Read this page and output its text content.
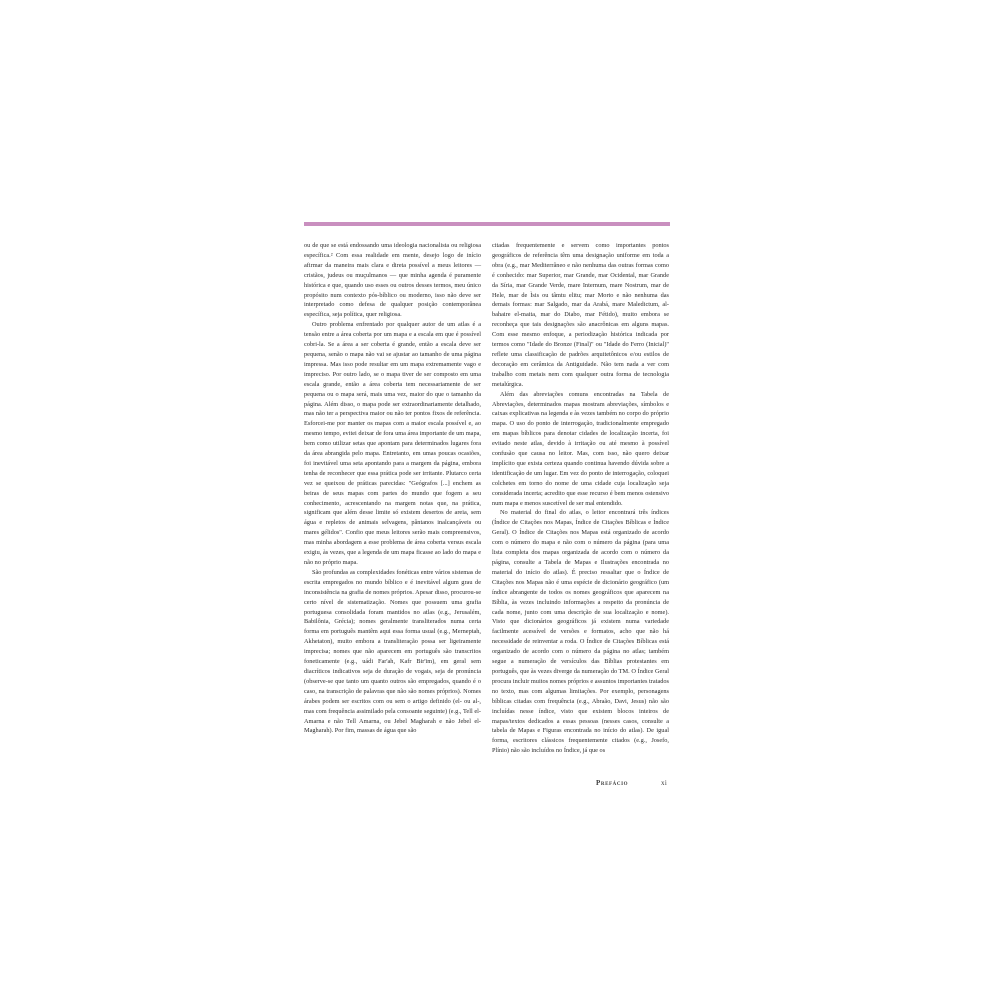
ou de que se está endossando uma ideologia nacionalista ou religiosa específica.² Com essa realidade em mente, desejo logo de início afirmar da maneira mais clara e direta possível a meus leitores — cristãos, judeus ou muçulmanos — que minha agenda é puramente histórica e que, quando uso esses ou outros desses termos, meu único propósito num contexto pós-bíblico ou moderno, isso não deve ser interpretado como defesa de qualquer posição contemporânea específica, seja política, quer religiosa.

Outro problema enfrentado por qualquer autor de um atlas é a tensão entre a área coberta por um mapa e a escala em que é possível cobri-la. Se a área a ser coberta é grande, então a escala deve ser pequena, senão o mapa não vai se ajustar ao tamanho de uma página impressa. Mas isso pode resultar em um mapa extremamente vago e impreciso. Por outro lado, se o mapa tiver de ser composto em uma escala grande, então a área coberta tem necessariamente de ser pequena ou o mapa será, mais uma vez, maior do que o tamanho da página. Além disso, o mapa pode ser extraordinariamente detalhado, mas não ter a perspectiva maior ou não ter pontos fixos de referência. Esforcei-me por manter os mapas com a maior escala possível e, ao mesmo tempo, evitei deixar de fora uma área importante de um mapa, bem como utilizar setas que apontam para determinados lugares fora da área abrangida pelo mapa. Entretanto, em umas poucas ocasiões, foi inevitável uma seta apontando para a margem da página, embora tenha de reconhecer que essa prática pode ser irritante. Plutarco certa vez se queixou de práticas parecidas: "Geógrafos [...] enchem as beiras de seus mapas com partes do mundo que fogem a seu conhecimento, acrescentando na margem notas que, na prática, significam que além desse limite só existem desertos de areia, sem água e repletos de animais selvagens, pântanos inalcançáveis ou mares gélidos". Confio que meus leitores serão mais compreensivos, mas minha abordagem a esse problema de área coberta versus escala exigiu, às vezes, que a legenda de um mapa ficasse ao lado do mapa e não no próprio mapa.

São profundas as complexidades fonéticas entre vários sistemas de escrita empregados no mundo bíblico e é inevitável algum grau de inconsistência na grafia de nomes próprios. Apesar disso, procurou-se certo nível de sistematização. Nomes que possuem uma grafia portuguesa consolidada foram mantidos no atlas (e.g., Jerusalém, Babilônia, Grécia); nomes geralmente transliterados numa certa forma em português mantêm aqui essa forma usual (e.g., Merneptah, Akhetaton), muito embora a transliteração possa ser ligeiramente imprecisa; nomes que não aparecem em português são transcritos foneticamente (e.g., uádi Far'ah, Kafr Bir'im), em geral sem diacríticos indicativos seja de duração de vogais, seja de pronúncia (observe-se que tanto um quanto outros são empregados, quando é o caso, na transcrição de palavras que não são nomes próprios). Nomes árabes podem ser escritos com ou sem o artigo definido (el- ou al-, mas com frequência assimilado pela consoante seguinte) (e.g., Tell el-Amarna e não Tell Amarna, ou Jebel Magharah e não Jebel el-Magharah). Por fim, massas de água que são

citadas frequentemente e servem como importantes pontos geográficos de referência têm uma designação uniforme em toda a obra (e.g., mar Mediterrâneo e não nenhuma das outras formas como é conhecido: mar Superior, mar Grande, mar Ocidental, mar Grande da Síria, mar Grande Verde, mare Internum, mare Nostrum, mar de Hele, mar de Ìsis ou tâmtu elitu; mar Morto e não nenhuma das demais formas: mar Salgado, mar da Arabá, mare Maledictum, al-bahaire el-maita, mar do Diabo, mar Fétido), muito embora se reconheça que tais designações são anacrônicas em alguns mapas. Com esse mesmo enfoque, a periodização histórica indicada por termos como "Idade do Bronze (Final)" ou "Idade do Ferro (Inicial)" reflete uma classificação de padrões arquitetônicos e/ou estilos de decoração em cerâmica da Antiguidade. Não tem nada a ver com trabalho com metais nem com qualquer outra forma de tecnologia metalúrgica.

Além das abreviações comuns encontradas na Tabela de Abreviações, determinados mapas mostram abreviações, símbolos e caixas explicativas na legenda e às vezes também no corpo do próprio mapa. O uso do ponto de interrogação, tradicionalmente empregado em mapas bíblicos para denotar cidades de localização incerta, foi evitado neste atlas, devido à irritação ou até mesmo à possível confusão que causa no leitor. Mas, com isso, não quero deixar implícito que exista certeza quando continua havendo dúvida sobre a identificação de um lugar. Em vez do ponto de interrogação, coloquei colchetes em torno do nome de uma cidade cuja localização seja considerada incerta; acredito que esse recurso é bem menos ostensivo num mapa e menos suscetível de ser mal entendido.

No material do final do atlas, o leitor encontrará três índices (Índice de Citações nos Mapas, Índice de Citações Bíblicas e Índice Geral). O Índice de Citações nos Mapas está organizado de acordo com o número do mapa e não com o número da página (para uma lista completa dos mapas organizada de acordo com o número da página, consulte a Tabela de Mapas e Ilustrações encontrada no material do início do atlas). É preciso ressaltar que o Índice de Citações nos Mapas não é uma espécie de dicionário geográfico (um índice abrangente de todos os nomes geográficos que aparecem na Bíblia, às vezes incluindo informações a respeito da pronúncia de cada nome, junto com uma descrição de sua localização e nome). Visto que dicionários geográficos já existem numa variedade facilmente acessível de versões e formatos, acho que não há necessidade de reinventar a roda. O Índice de Citações Bíblicas está organizado de acordo com o número da página no atlas; também segue a numeração de versículos das Bíblias protestantes em português, que às vezes diverge da numeração do TM. O Índice Geral procura incluir muitos nomes próprios e assuntos importantes tratados no texto, mas com algumas limitações. Por exemplo, personagens bíblicas citadas com frequência (e.g., Abraão, Davi, Jesus) não são incluídas nesse índice, visto que existem blocos inteiros de mapas/textos dedicados a essas pessoas (nesses casos, consulte a tabela de Mapas e Figuras encontrada no início do atlas). De igual forma, escritores clássicos frequentemente citados (e.g., Josefo, Plínio) não são incluídos no Índice, já que os

Prefácio	xi
